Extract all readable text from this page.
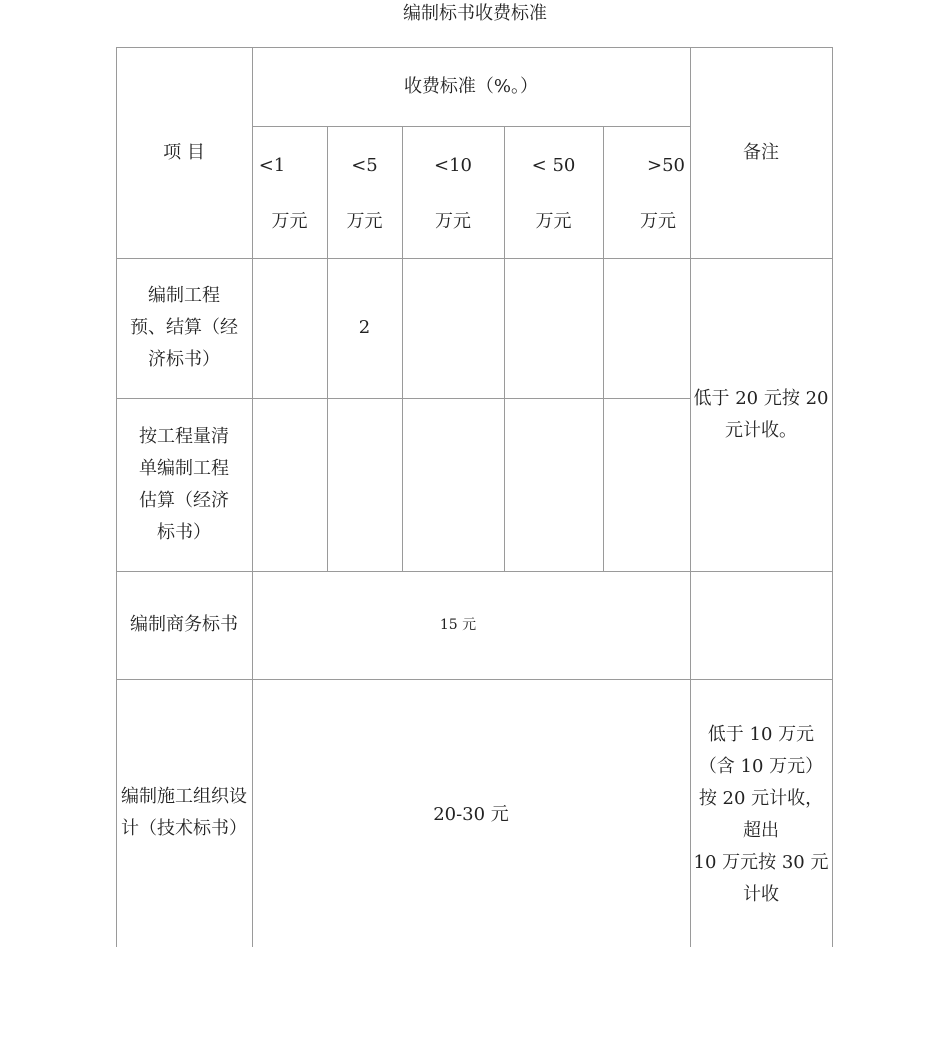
编制标书收费标准
项 目
收费标准（%。）
备注
<1
万元
<5
万元
<10
万元
< 50
万元
>50
万元
编制工程
预、结算（经
济标书）
2
按工程量清
单编制工程
估算（经济
标书）
低于 20 元按 20
元计收。
编制商务标书	15 元
编制施工组织设
计（技术标书）
20-30 元
低于 10 万元
（含 10 万元）
按 20 元计收，
超出
10 万元按 30 元
计收
